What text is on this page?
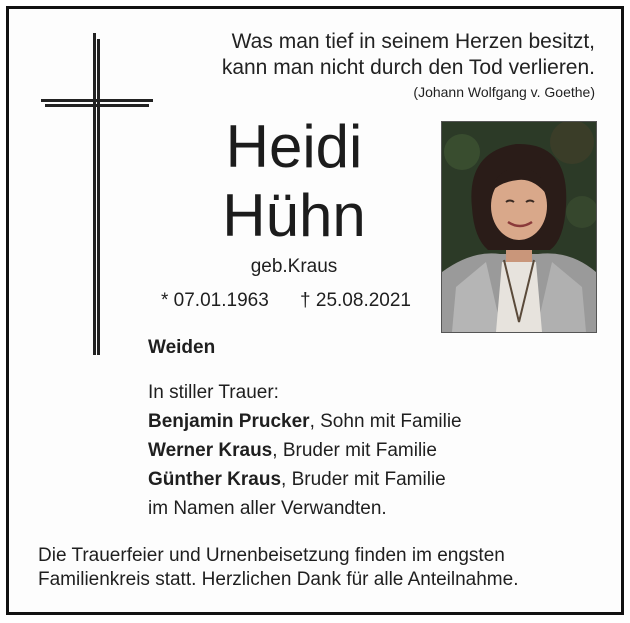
Was man tief in seinem Herzen besitzt,
kann man nicht durch den Tod verlieren.
(Johann Wolfgang v. Goethe)
Heidi
Hühn
geb.Kraus
* 07.01.1963 † 25.08.2021
Weiden
In stiller Trauer:
Benjamin Prucker, Sohn mit Familie
Werner Kraus, Bruder mit Familie
Günther Kraus, Bruder mit Familie
im Namen aller Verwandten.
Die Trauerfeier und Urnenbeisetzung finden im engsten
Familienkreis statt. Herzlichen Dank für alle Anteilnahme.
